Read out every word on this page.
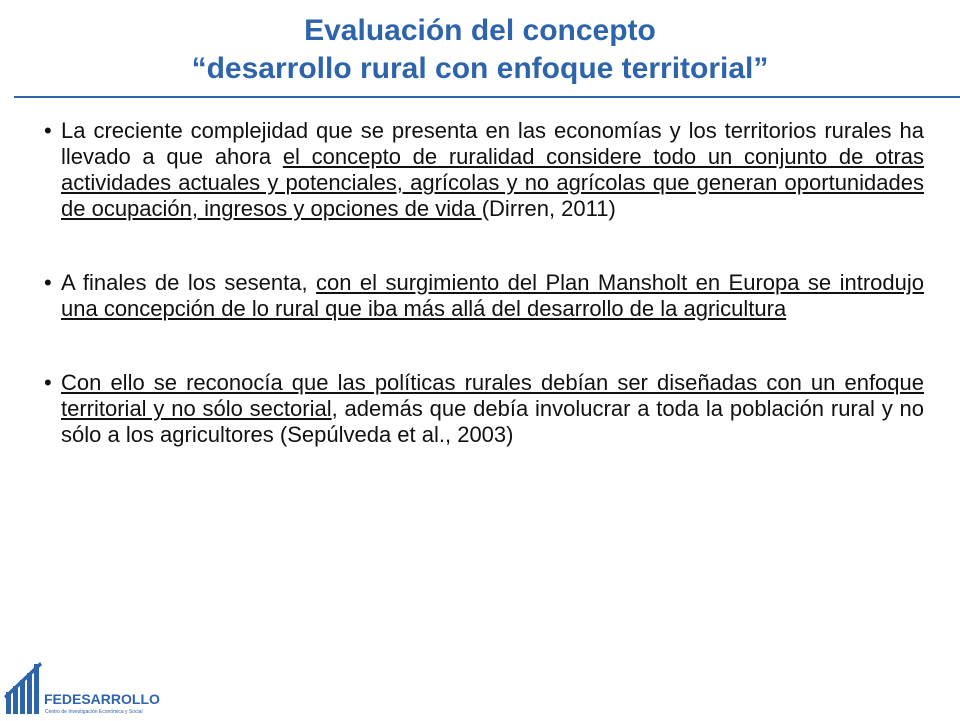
Evaluación del concepto
“desarrollo rural con enfoque territorial”
• La creciente complejidad que se presenta en las economías y los territorios rurales ha llevado a que ahora el concepto de ruralidad considere todo un conjunto de otras actividades actuales y potenciales, agrícolas y no agrícolas que generan oportunidades de ocupación, ingresos y opciones de vida (Dirren, 2011)
• A finales de los sesenta, con el surgimiento del Plan Mansholt en Europa se introdujo una concepción de lo rural que iba más allá del desarrollo de la agricultura
• Con ello se reconocía que las políticas rurales debían ser diseñadas con un enfoque territorial y no sólo sectorial, además que debía involucrar a toda la población rural y no sólo a los agricultores (Sepúlveda et al., 2003)
FEDESARROLLO
Centro de Investigación Económica y Social
